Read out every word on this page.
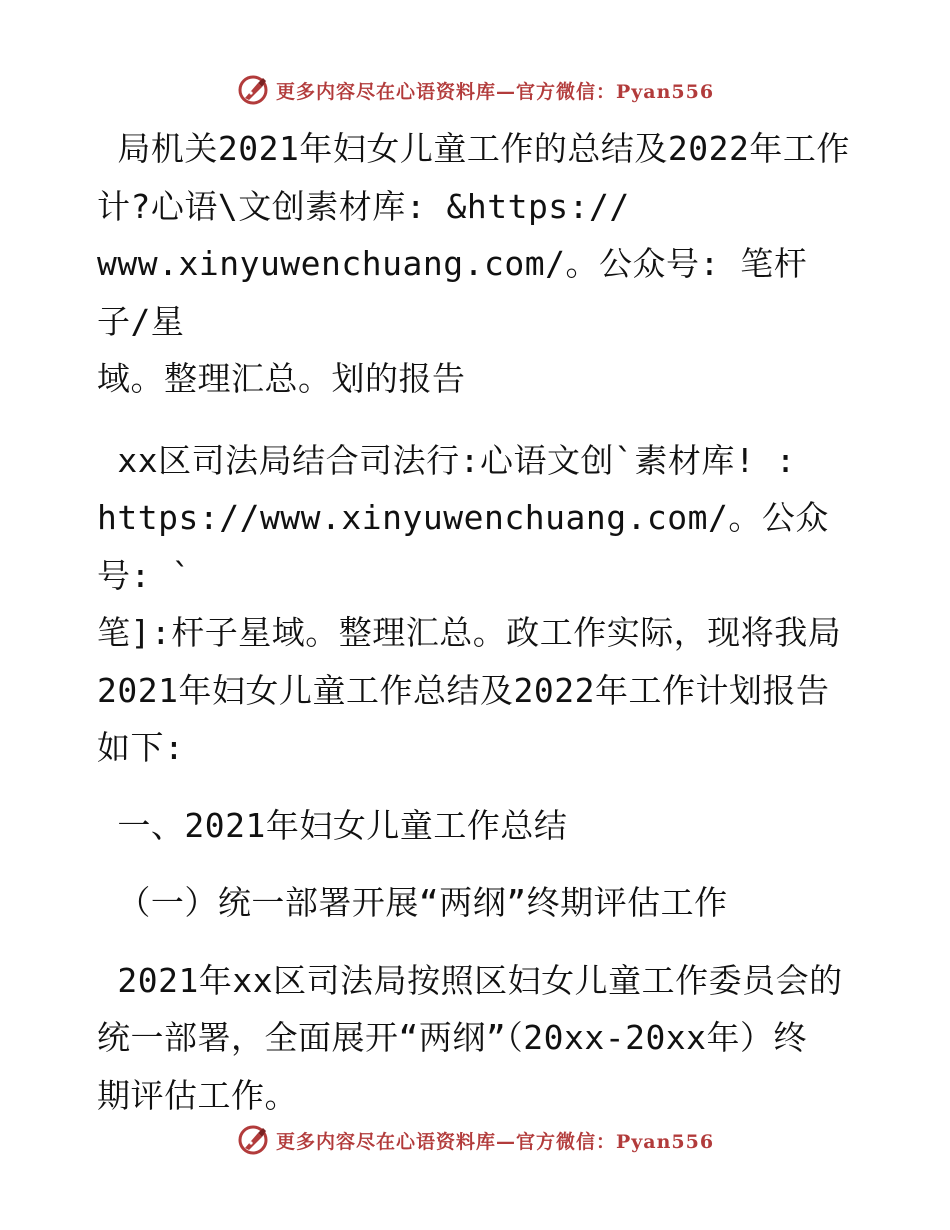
更多内容尽在心语资料库—官方微信：Pyan556

局机关2021年妇女儿童工作的总结及2022年工作

计?心语\文创素材库: &https://

www.xinyuwenchuang.com/。公众号: 笔杆子/星

域。整理汇总。划的报告

xx区司法局结合司法行:心语文创`素材库! :

https://www.xinyuwenchuang.com/。公众号: `

笔]:杆子星域。整理汇总。政工作实际，现将我局

2021年妇女儿童工作总结及2022年工作计划报告

如下:

一、2021年妇女儿童工作总结

（一）统一部署开展“两纲”终期评估工作

2021年xx区司法局按照区妇女儿童工作委员会的

统一部署，全面展开“两纲”（20xx-20xx年）终

期评估工作。

更多内容尽在心语资料库—官方微信：Pyan556
